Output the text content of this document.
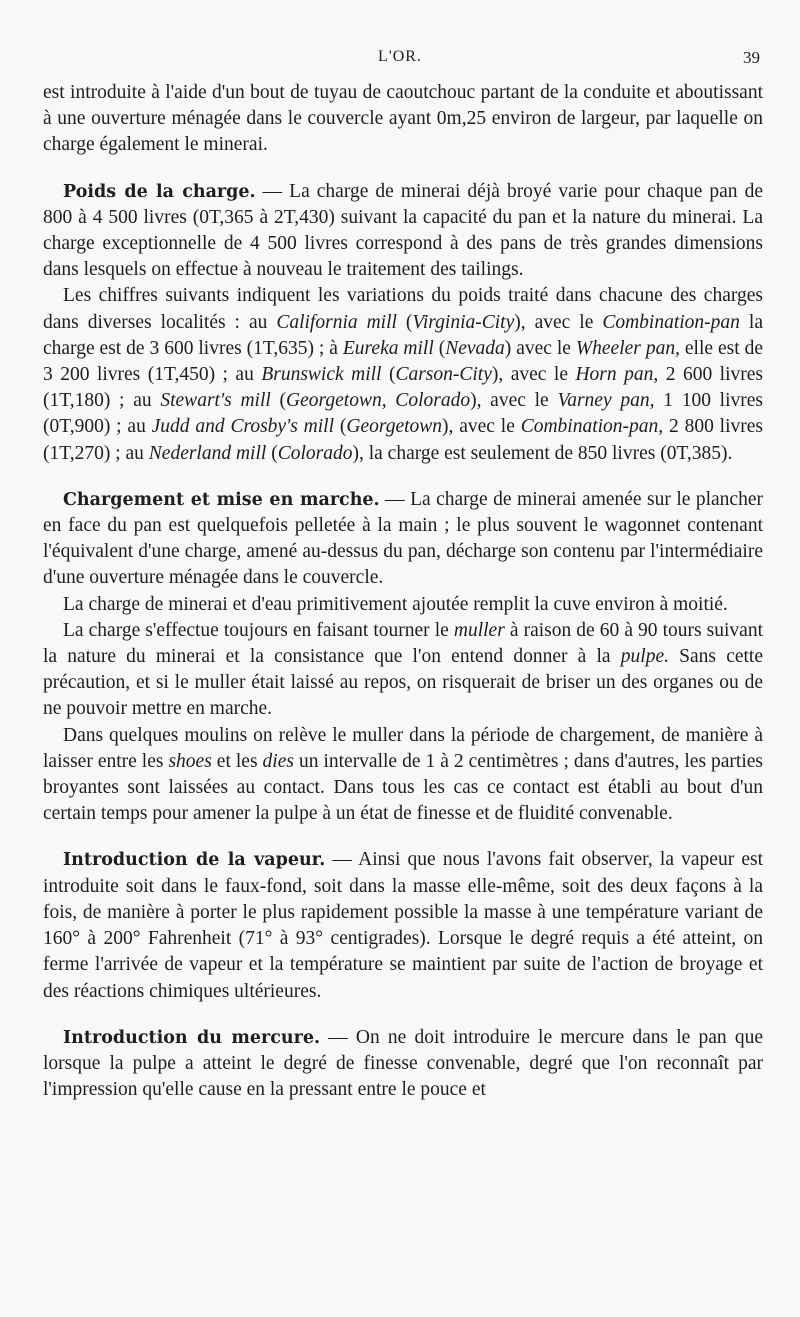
L'OR.	39

est introduite à l'aide d'un bout de tuyau de caoutchouc partant de la conduite et aboutissant à une ouverture ménagée dans le couvercle ayant 0m,25 environ de largeur, par laquelle on charge également le minerai.

Poids de la charge. — La charge de minerai déjà broyé varie pour chaque pan de 800 à 4 500 livres (0T,365 à 2T,430) suivant la capacité du pan et la nature du minerai. La charge exceptionnelle de 4 500 livres correspond à des pans de très grandes dimensions dans lesquels on effectue à nouveau le traitement des tailings.

Les chiffres suivants indiquent les variations du poids traité dans chacune des charges dans diverses localités : au California mill (Virginia-City), avec le Combination-pan la charge est de 3 600 livres (1T,635) ; à Eureka mill (Nevada) avec le Wheeler pan, elle est de 3 200 livres (1T,450) ; au Brunswick mill (Carson-City), avec le Horn pan, 2 600 livres (1T,180) ; au Stewart's mill (Georgetown, Colorado), avec le Varney pan, 1 100 livres (0T,900) ; au Judd and Crosby's mill (Georgetown), avec le Combination-pan, 2 800 livres (1T,270) ; au Nederland mill (Colorado), la charge est seulement de 850 livres (0T,385).

Chargement et mise en marche. — La charge de minerai amenée sur le plancher en face du pan est quelquefois pelletée à la main ; le plus souvent le wagonnet contenant l'équivalent d'une charge, amené au-dessus du pan, décharge son contenu par l'intermédiaire d'une ouverture ménagée dans le couvercle.

La charge de minerai et d'eau primitivement ajoutée remplit la cuve environ à moitié.

La charge s'effectue toujours en faisant tourner le muller à raison de 60 à 90 tours suivant la nature du minerai et la consistance que l'on entend donner à la pulpe. Sans cette précaution, et si le muller était laissé au repos, on risquerait de briser un des organes ou de ne pouvoir mettre en marche.

Dans quelques moulins on relève le muller dans la période de chargement, de manière à laisser entre les shoes et les dies un intervalle de 1 à 2 centimètres ; dans d'autres, les parties broyantes sont laissées au contact. Dans tous les cas ce contact est établi au bout d'un certain temps pour amener la pulpe à un état de finesse et de fluidité convenable.

Introduction de la vapeur. — Ainsi que nous l'avons fait observer, la vapeur est introduite soit dans le faux-fond, soit dans la masse elle-même, soit des deux façons à la fois, de manière à porter le plus rapidement possible la masse à une température variant de 160° à 200° Fahrenheit (71° à 93° centigrades). Lorsque le degré requis a été atteint, on ferme l'arrivée de vapeur et la température se maintient par suite de l'action de broyage et des réactions chimiques ultérieures.

Introduction du mercure. — On ne doit introduire le mercure dans le pan que lorsque la pulpe a atteint le degré de finesse convenable, degré que l'on reconnaît par l'impression qu'elle cause en la pressant entre le pouce et
